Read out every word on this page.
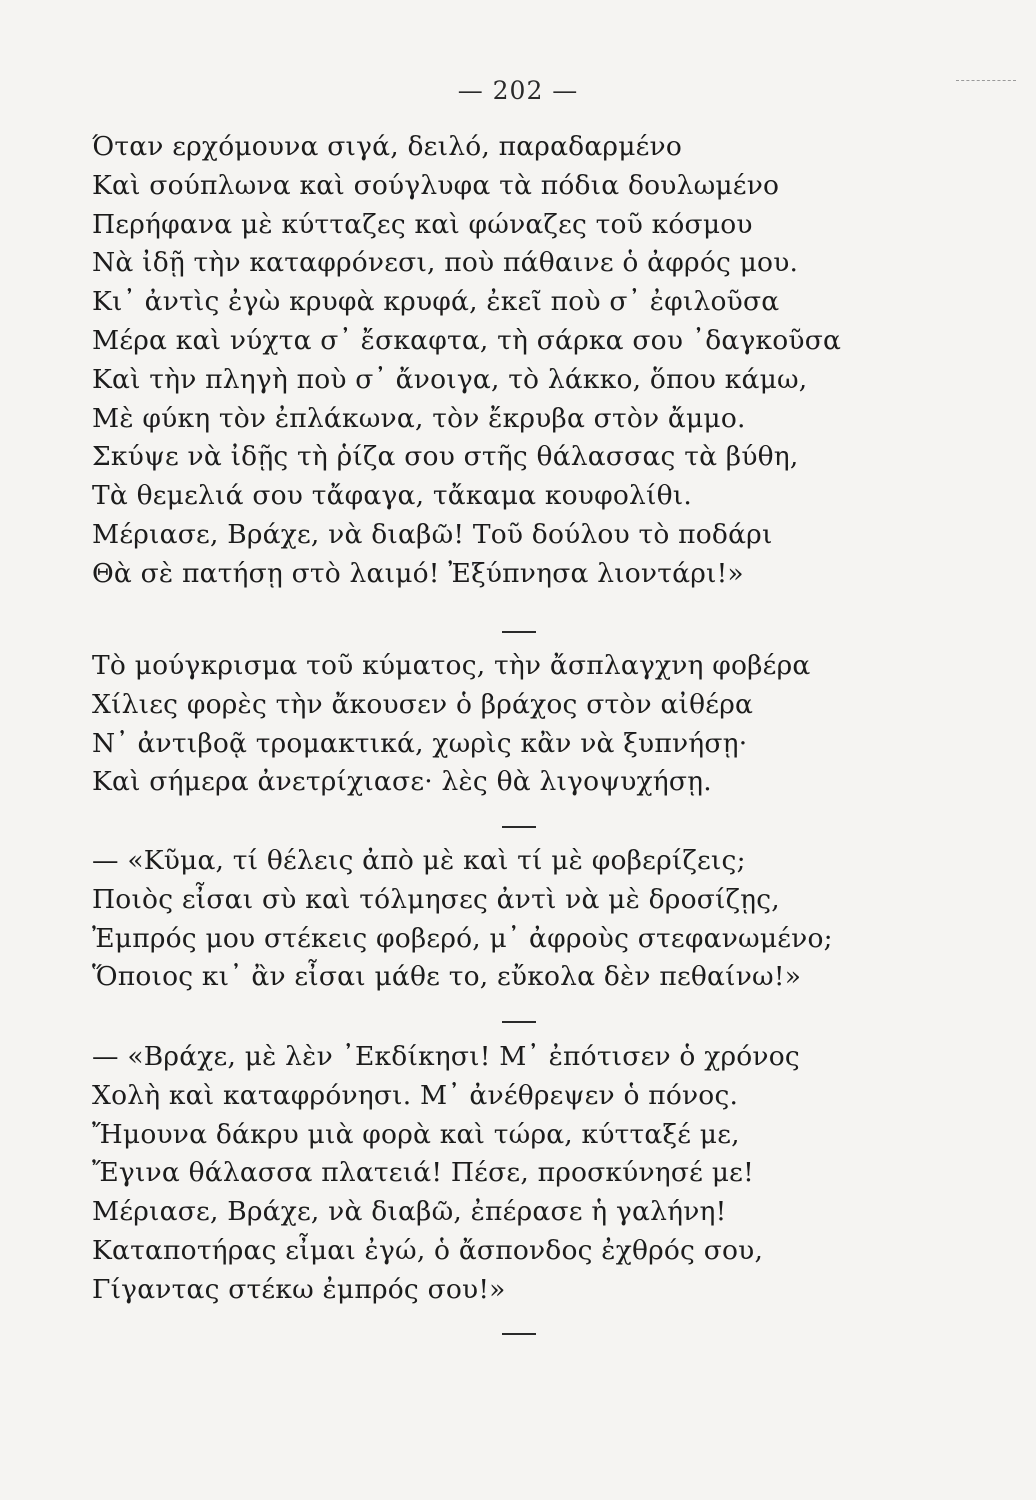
— 202 —
Όταν ερχόμουνα σιγά, δειλό, παραδαρμένο
Καὶ σούπλωνα καὶ σούγλυφα τὰ πόδια δουλωμένο
Περήφανα μὲ κύτταζες καὶ φώναζες τοῦ κόσμου
Νὰ ἰδῇ τὴν καταφρόνεσι, ποὺ πάθαινε ὁ ἀφρός μου.
Κι᾽ ἀντὶς ἐγὼ κρυφὰ κρυφά, ἐκεῖ ποὺ σ᾽ ἐφιλοῦσα
Μέρα καὶ νύχτα σ᾽ ἔσκαφτα, τὴ σάρκα σου ᾽δαγκοῦσα
Καὶ τὴν πληγὴ ποὺ σ᾽ ἄνοιγα, τὸ λάκκο, ὅπου κάμω,
Μὲ φύκη τὸν ἐπλάκωνα, τὸν ἔκρυβα στὸν ἄμμο.
Σκύψε νὰ ἰδῇς τὴ ῥίζα σου στῆς θάλασσας τὰ βύθη,
Τὰ θεμελιά σου τἄφαγα, τἄκαμα κουφολίθι.
Μέριασε, Βράχε, νὰ διαβῶ! Τοῦ δούλου τὸ ποδάρι
Θὰ σὲ πατήσῃ στὸ λαιμό! Ἐξύπνησα λιοντάρι!»
Τὸ μούγκρισμα τοῦ κύματος, τὴν ἄσπλαγχνη φοβέρα
Χίλιες φορὲς τὴν ἄκουσεν ὁ βράχος στὸν αἰθέρα
Ν᾽ ἀντιβοᾷ τρομακτικά, χωρὶς κἂν νὰ ξυπνήσῃ·
Καὶ σήμερα ἀνετρίχιασε· λὲς θὰ λιγοψυχήσῃ.
— «Κῦμα, τί θέλεις ἀπὸ μὲ καὶ τί μὲ φοβερίζεις;
Ποιὸς εἶσαι σὺ καὶ τόλμησες ἀντὶ νὰ μὲ δροσίζῃς,
Ἐμπρός μου στέκεις φοβερό, μ᾽ ἀφροὺς στεφανωμένο;
Ὅποιος κι᾽ ἂν εἶσαι μάθε το, εὔκολα δὲν πεθαίνω!»
— «Βράχε, μὲ λὲν ᾽Εκδίκησι! Μ᾽ ἐπότισεν ὁ χρόνος
Χολὴ καὶ καταφρόνησι. Μ᾽ ἀνέθρεψεν ὁ πόνος.
Ἤμουνα δάκρυ μιὰ φορὰ καὶ τώρα, κύτταξέ με,
Ἔγινα θάλασσα πλατειά! Πέσε, προσκύνησέ με!
Μέριασε, Βράχε, νὰ διαβῶ, ἐπέρασε ἡ γαλήνη!
Καταποτήρας εἶμαι ἐγώ, ὁ ἄσπονδος ἐχθρός σου,
Γίγαντας στέκω ἐμπρός σου!»
